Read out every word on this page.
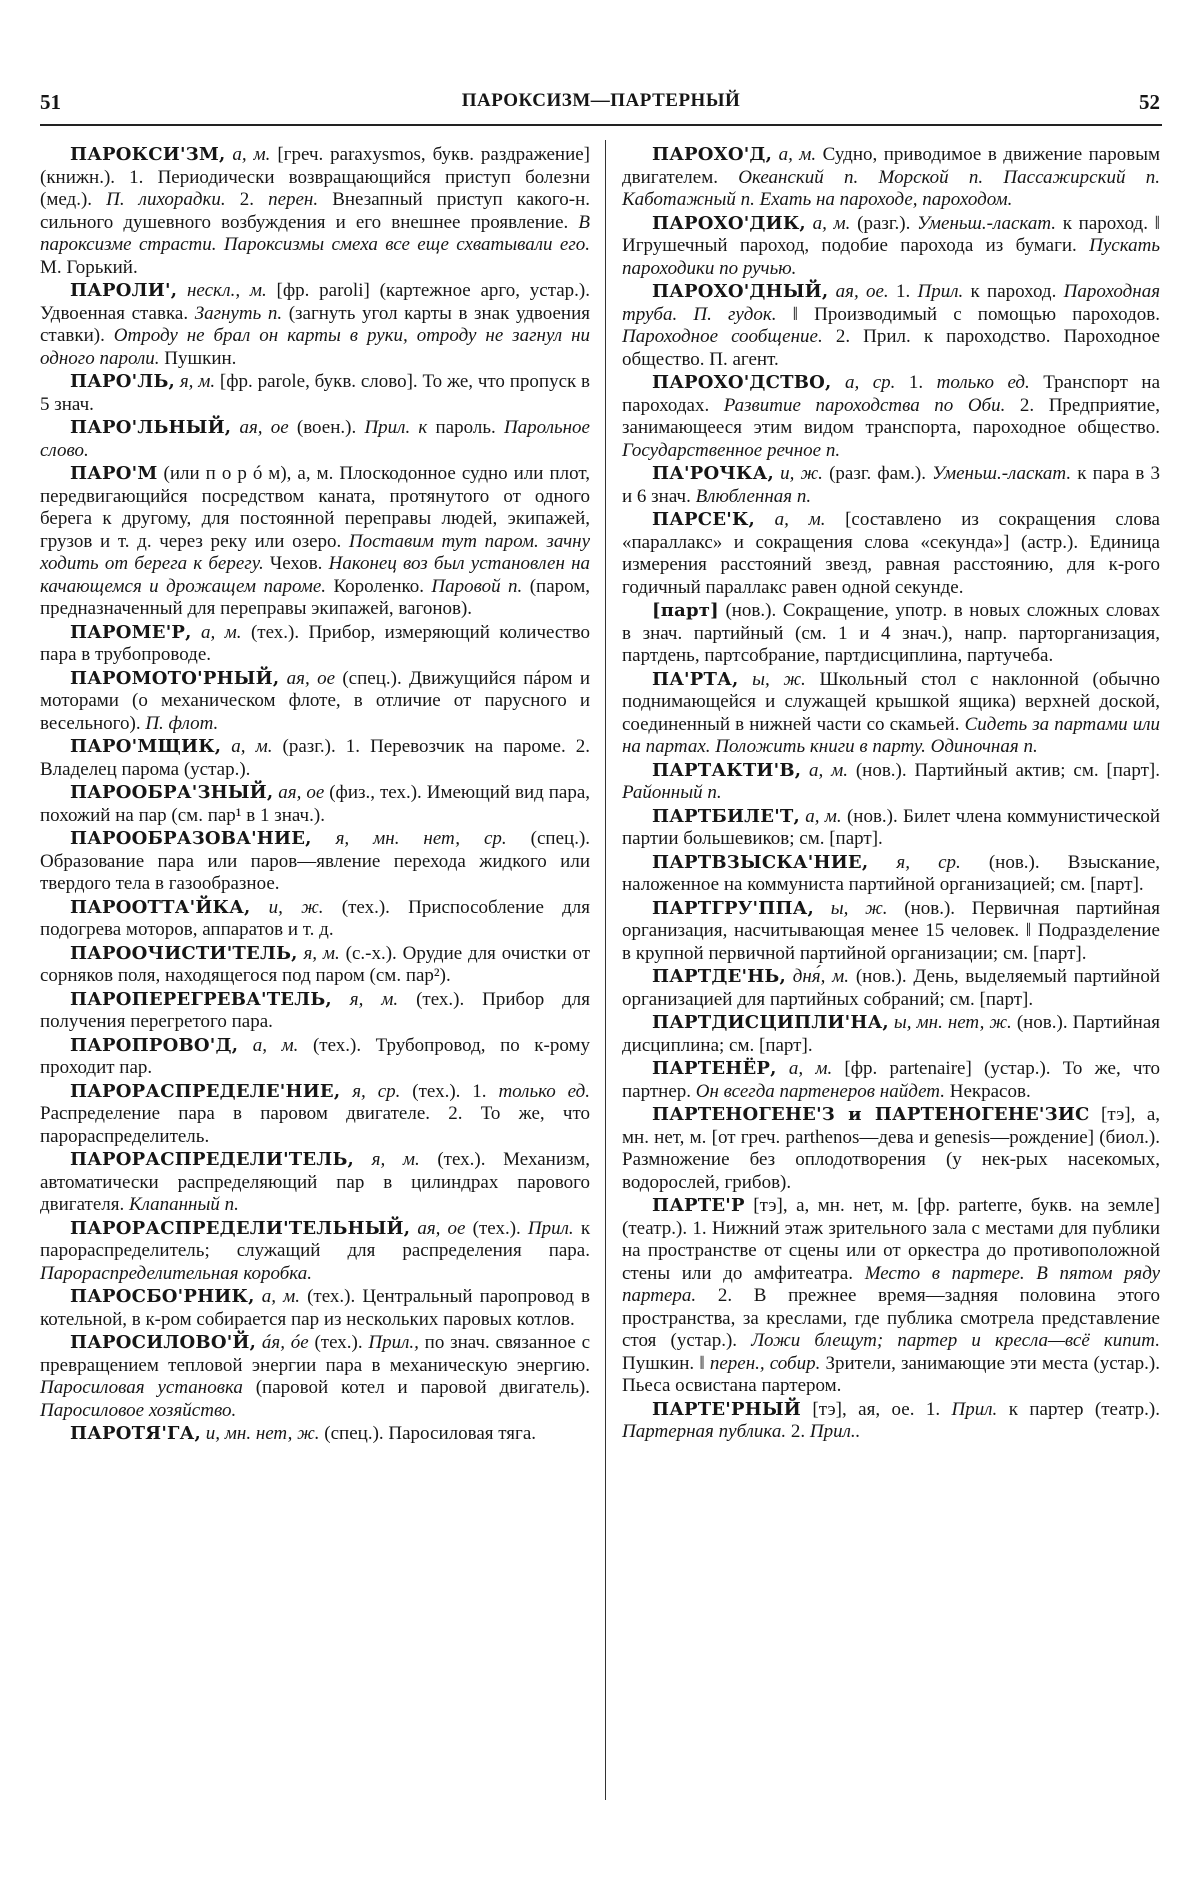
51	ПАРОКСИЗМ—ПАРТЕРНЫЙ	52

ПАРОКСИ'ЗМ, а, м. [греч. paraxysmos, букв. раздражение] (книжн.). 1. Периодически возвращающийся приступ болезни (мед.). П. лихорадки. 2. перен. Внезапный приступ какого-н. сильного душевного возбуждения и его внешнее проявление. В пароксизме страсти. Пароксизмы смеха все еще схватывали его. М. Горький.

ПАРОЛИ', нескл., м. [фр. paroli] (картежное арго, устар.). Удвоенная ставка. Загнуть п. (загнуть угол карты в знак удвоения ставки). Отроду не брал он карты в руки, отроду не загнул ни одного пароли. Пушкин.

ПАРО'ЛЬ, я, м. [фр. parole, букв. слово]. То же, что пропуск в 5 знач.

ПАРО'ЛЬНЫЙ, ая, ое (воен.). Прил. к пароль. Парольное слово.

ПАРО'М (или п о р ó м), а, м. Плоскодонное судно или плот, передвигающийся посредством каната, протянутого от одного берега к другому, для постоянной переправы людей, экипажей, грузов и т. д. через реку или озеро. Поставим тут паром. зачну ходить от берега к берегу. Чехов. Наконец воз был установлен на качающемся и дрожащем пароме. Короленко. Паровой п. (паром, предназначенный для переправы экипажей, вагонов).

ПАРОМЕ'Р, а, м. (тех.). Прибор, измеряющий количество пара в трубопроводе.

ПАРОМОТО'РНЫЙ, ая, ое (спец.). Движущийся пáром и моторами (о механическом флоте, в отличие от парусного и весельного). П. флот.

ПАРО'МЩИК, а, м. (разг.). 1. Перевозчик на пароме. 2. Владелец парома (устар.).

ПАРООБРА'ЗНЫЙ, ая, ое (физ., тех.). Имеющий вид пара, похожий на пар (см. пар¹ в 1 знач.).

ПАРООБРАЗОВА'НИЕ, я, мн. нет, ср. (спец.). Образование пара или паров—явление перехода жидкого или твердого тела в газообразное.

ПАРООТТА'ЙКА, и, ж. (тех.). Приспособление для подогрева моторов, аппаратов и т. д.

ПАРООЧИСТИ'ТЕЛЬ, я, м. (с.-х.). Орудие для очистки от сорняков поля, находящегося под паром (см. пар²).

ПАРОПЕРЕГРЕВА'ТЕЛЬ, я, м. (тех.). Прибор для получения перегретого пара.

ПАРОПРОВО'Д, а, м. (тех.). Трубопровод, по к-рому проходит пар.

ПАРОРАСПРЕДЕЛЕ'НИЕ, я, ср. (тех.). 1. только ед. Распределение пара в паровом двигателе. 2. То же, что парораспределитель.

ПАРОРАСПРЕДЕЛИ'ТЕЛЬ, я, м. (тех.). Механизм, автоматически распределяющий пар в цилиндрах парового двигателя. Клапанный п.

ПАРОРАСПРЕДЕЛИ'ТЕЛЬНЫЙ, ая, ое (тех.). Прил. к парораспределитель; служащий для распределения пара. Парораспределительная коробка.

ПАРОСБО'РНИК, а, м. (тех.). Центральный паропровод в котельной, в к-ром собирается пар из нескольких паровых котлов.

ПАРОСИЛОВО'Й, áя, óе (тех.). Прил., по знач. связанное с превращением тепловой энергии пара в механическую энергию. Паросиловая установка (паровой котел и паровой двигатель). Паросиловое хозяйство.

ПАРОТЯ'ГА, и, мн. нет, ж. (спец.). Паросиловая тяга.

ПАРОХО'Д, а, м. Судно, приводимое в движение паровым двигателем. Океанский п. Морской п. Пассажирский п. Каботажный п. Ехать на пароходе, пароходом.

ПАРОХО'ДИК, а, м. (разг.). Уменьш.-ласкат. к пароход. ‖ Игрушечный пароход, подобие парохода из бумаги. Пускать пароходики по ручью.

ПАРОХО'ДНЫЙ, ая, ое. 1. Прил. к пароход. Пароходная труба. П. гудок. ‖ Производимый с помощью пароходов. Пароходное сообщение. 2. Прил. к пароходство. Пароходное общество. П. агент.

ПАРОХО'ДСТВО, а, ср. 1. только ед. Транспорт на пароходах. Развитие пароходства по Оби. 2. Предприятие, занимающееся этим видом транспорта, пароходное общество. Государственное речное п.

ПА'РОЧКА, и, ж. (разг. фам.). Уменьш.-ласкат. к пара в 3 и 6 знач. Влюбленная п.

ПАРСЕ'К, а, м. [составлено из сокращения слова «параллакс» и сокращения слова «секунда»] (астр.). Единица измерения расстояний звезд, равная расстоянию, для к-рого годичный параллакс равен одной секунде.

[парт] (нов.). Сокращение, употр. в новых сложных словах в знач. партийный (см. 1 и 4 знач.), напр. парторганизация, партдень, партсобрание, партдисциплина, партучеба.

ПА'РТА, ы, ж. Школьный стол с наклонной (обычно поднимающейся и служащей крышкой ящика) верхней доской, соединенный в нижней части со скамьей. Сидеть за партами или на партах. Положить книги в парту. Одиночная п.

ПАРТАКТИ'В, а, м. (нов.). Партийный актив; см. [парт]. Районный п.

ПАРТБИЛЕ'Т, а, м. (нов.). Билет члена коммунистической партии большевиков; см. [парт].

ПАРТВЗЫСКА'НИЕ, я, ср. (нов.). Взыскание, наложенное на коммуниста партийной организацией; см. [парт].

ПАРТГРУ'ППА, ы, ж. (нов.). Первичная партийная организация, насчитывающая менее 15 человек. ‖ Подразделение в крупной первичной партийной организации; см. [парт].

ПАРТДЕ'НЬ, дня́, м. (нов.). День, выделяемый партийной организацией для партийных собраний; см. [парт].

ПАРТДИСЦИПЛИ'НА, ы, мн. нет, ж. (нов.). Партийная дисциплина; см. [парт].

ПАРТЕНЁР, а, м. [фр. partenaire] (устар.). То же, что партнер. Он всегда партенеров найдет. Некрасов.

ПАРТЕНОГЕНЕ'З и ПАРТЕНОГЕНЕ'ЗИС [тэ], а, мн. нет, м. [от греч. parthenos—дева и genesis—рождение] (биол.). Размножение без оплодотворения (у нек-рых насекомых, водорослей, грибов).

ПАРТЕ'Р [тэ], а, мн. нет, м. [фр. parterre, букв. на земле] (театр.). 1. Нижний этаж зрительного зала с местами для публики на пространстве от сцены или от оркестра до противоположной стены или до амфитеатра. Место в партере. В пятом ряду партера. 2. В прежнее время—задняя половина этого пространства, за креслами, где публика смотрела представление стоя (устар.). Ложи блещут; партер и кресла—всё кипит. Пушкин. ‖ перен., собир. Зрители, занимающие эти места (устар.). Пьеса освистана партером.

ПАРТЕ'РНЫЙ [тэ], ая, ое. 1. Прил. к партер (театр.). Партерная публика. 2. Прил..
